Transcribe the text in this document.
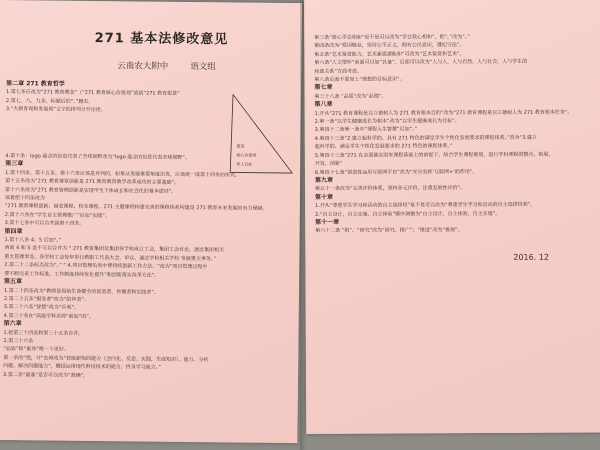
271 基本法修改意见
云南农大附中	语文组
第二章 271 教育哲学
1.第七条应改为“271 教育理念”（“271 教育核心价值观”放到“271 教育愿景”
2.第七、八、九条，标题后的“。”删去。
3.“大教育观和发展观”文字的排列分开论述。

愿景
核心价值观
育人目标
4.第十条：logo 蕴含的信息代表了全球视野改为“logo 蕴含的信息代表全球视野”。
第三章
1.第十四条、第十五条、第十六条应该是并列的，如果从发展重要角度出发，应该统一成第十四条的形式。
第十五条改为“271 教育课堂创新是 271 教育教育教学改革成功的主要基础”。
第十六条改为“271 教育管理创新是实现学生个体成长和社会化的基本途径”。
该着把十四条改为
“271 教育课程创新、国家课程、校本课程，271 主题课程构建完善的课程体系构建是 271 教育未来发展的有力保障。
2.第十六条在“学生自主管理推广”后加“实践”。
3.第十七条中可以合并到第十四条。
第四章
1.第十八条 4、5 后加“。”
西南 4 和 5 是不可以合并为 “ 271 教育集团及集团各学校成立工会，集团工会讨论，通过集团相关
重大管理事务，各学校工会每年举行教职工代表大会，审议、通过学校相关学校 发展重大事务。”
2.第二十二条标点改为“。” “ 4.项目管理负责中要持续创新工作方法、“改为“项目管理过程中
要不断完善工作标准，工作制度持续优化提升”和创新落实改革方法”。
第五章
1.第二十四条改为“教师是原始生命健全的创造者、传播者和实践者”。
2.第二十五条“服务者”改为“陪伴者”。
3.第二十六条“智慧”改为“乐观”。
4.第三十条在“高级学科名师”前加“的”。
第六章
1.把第三十四条和第三十五条合并。
2.第三十六条
“品质”和“素养”唯一个更好。
第一条的“他，开”去掉改为“获取新知的能力（会内化、反思、实践，生成知识）、能力、分析
问题、解决问题能力”，概括运用现代科技技术的能力，终身学习能力。”
3.第二条“最基”是否可以改为“准确”。
第三条“游心学会相和”是不是可以改为“学会我心相和”，把“，”改为“。”
第四条改为“爱国敬业，坚持公平正义，拥有公民意识，遵纪守法”。
第五条“艺术鉴赏能力，艺术素质潜能和”可改为“艺术鉴赏和艺术”，
第六条“人文情怀”前面可以加“具备”，后面可以改为“人与人，人与自然，人与社会，人与学生的
和谐关系”方面考虑。
第八条后面不要加上“理想的目标意识”。
第七章
第三十八条 “品质”改为“品德”。
第八章
1.开头“271 教育课程是以立德树人为 271 教育根本目的”改为“271 教育课程是以立德树人为 271 教育根本任务”。
2.第一条“以学生健康成长为根本”改为“以学生健康成长为目标”。
3.第四十二条第一条中“课程入生智慧”后加“。”
4.第四十三条“2.建立起科学的、具有 271 特色的满足学生个性化发展要求的课程体系。”改为“3.建立
起科学的、满足学生个性化发展要求的 271 特色的课程体系。”
5.第四十三条“271 在全面落实国家课程基础上的前提下，结合学生课程规划，进行学科课程的整合，拓展，
开发，创新”
6.第四十七条“创造性运用互联网平台”改为“充分发挥‘互联网+’的作用”。
第九章
第五十一条改为“完善评价体系，坚持多元评价，注重发展性评价”。
第十章
1.开头“尊重学生学习和活动的自主选择权”是不是可以改为“尊重学生学习和活动的自主选择权利”。
2.“自主设计，自主实施，自主体验”顺序调整为“自主设计，自主体验，自主实施”。
第十一章
第六十二条 “相”、“研究”改为“研究、推广”；“推进”改为“推展”。
2016. 12
